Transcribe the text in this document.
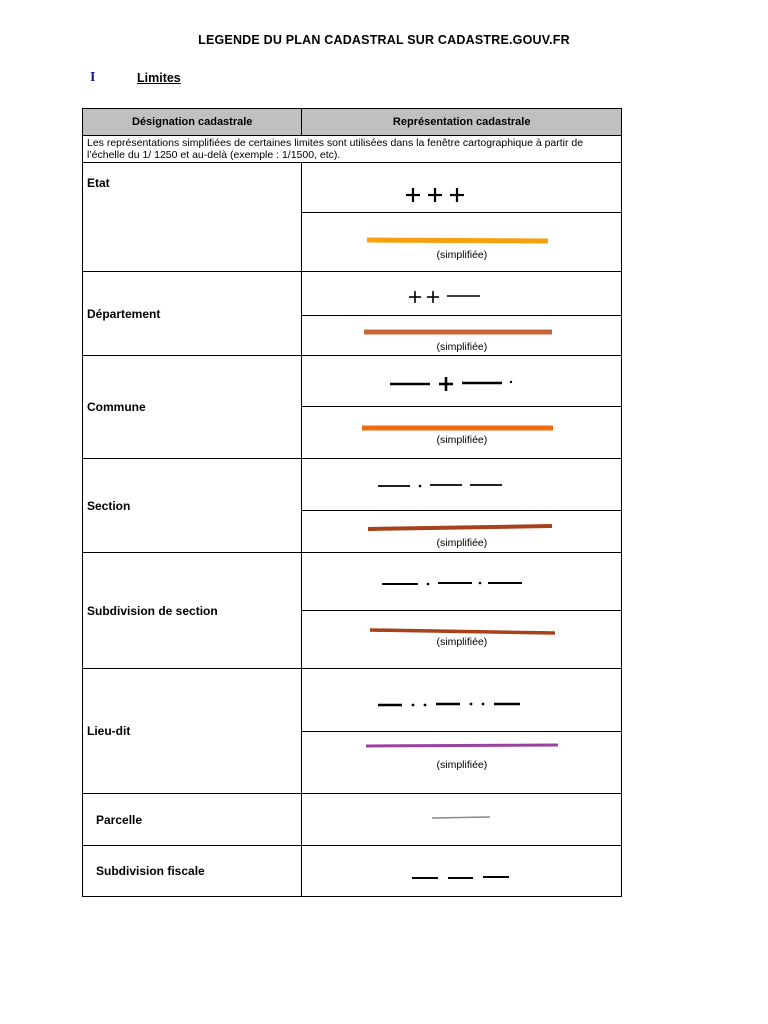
LEGENDE DU PLAN CADASTRAL SUR CADASTRE.GOUV.FR
I	Limites
Désignation cadastrale	Représentation cadastrale
Les représentations simplifiées de certaines limites sont utilisées dans la fenêtre cartographique à partir de l’échelle du 1/ 1250 et au-delà (exemple : 1/1500, etc).	
Etat	

	(simplifiée)

Département	

	(simplifiée)

Commune	

	(simplifiée)

Section	

	(simplifiée)

Subdivision de section	

	(simplifiée)

Lieu-dit	

	(simplifiée)

Parcelle	

Subdivision fiscale	
